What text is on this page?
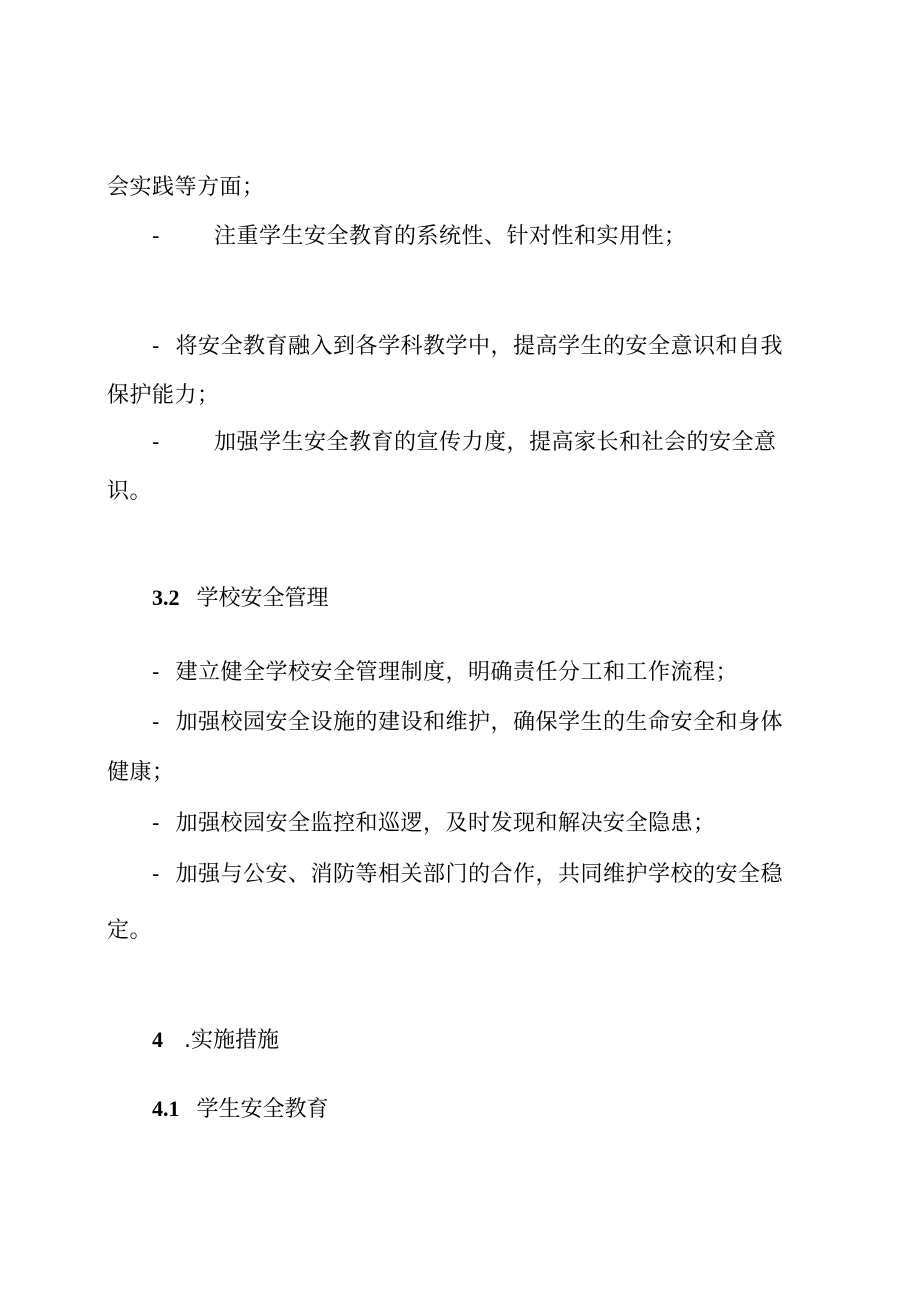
会实践等方面；
- 注重学生安全教育的系统性、针对性和实用性；
- 将安全教育融入到各学科教学中，提高学生的安全意识和自我
保护能力；
- 加强学生安全教育的宣传力度，提高家长和社会的安全意
识。
3.2 学校安全管理
- 建立健全学校安全管理制度，明确责任分工和工作流程；
- 加强校园安全设施的建设和维护，确保学生的生命安全和身体
健康；
- 加强校园安全监控和巡逻，及时发现和解决安全隐患；
- 加强与公安、消防等相关部门的合作，共同维护学校的安全稳
定。
4 .实施措施
4.1 学生安全教育
